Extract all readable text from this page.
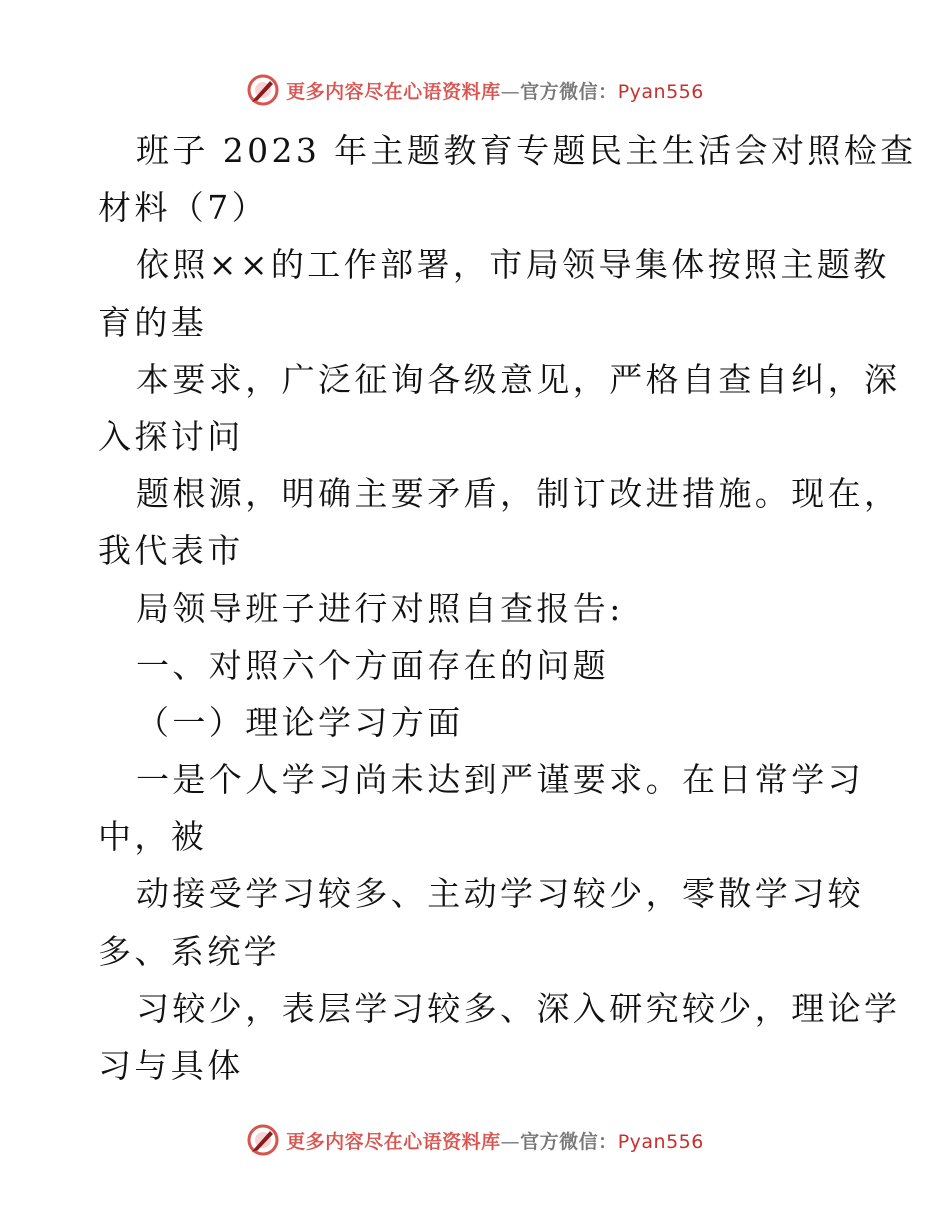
更多内容尽在心语资料库—官方微信：Pyan556
班子 2023 年主题教育专题民主生活会对照检查
材料（7）
依照××的工作部署，市局领导集体按照主题教
育的基
本要求，广泛征询各级意见，严格自查自纠，深
入探讨问
题根源，明确主要矛盾，制订改进措施。现在，
我代表市
局领导班子进行对照自查报告:
一、对照六个方面存在的问题
（一）理论学习方面
一是个人学习尚未达到严谨要求。在日常学习
中，被
动接受学习较多、主动学习较少，零散学习较
多、系统学
习较少，表层学习较多、深入研究较少，理论学
习与具体
更多内容尽在心语资料库—官方微信：Pyan556
